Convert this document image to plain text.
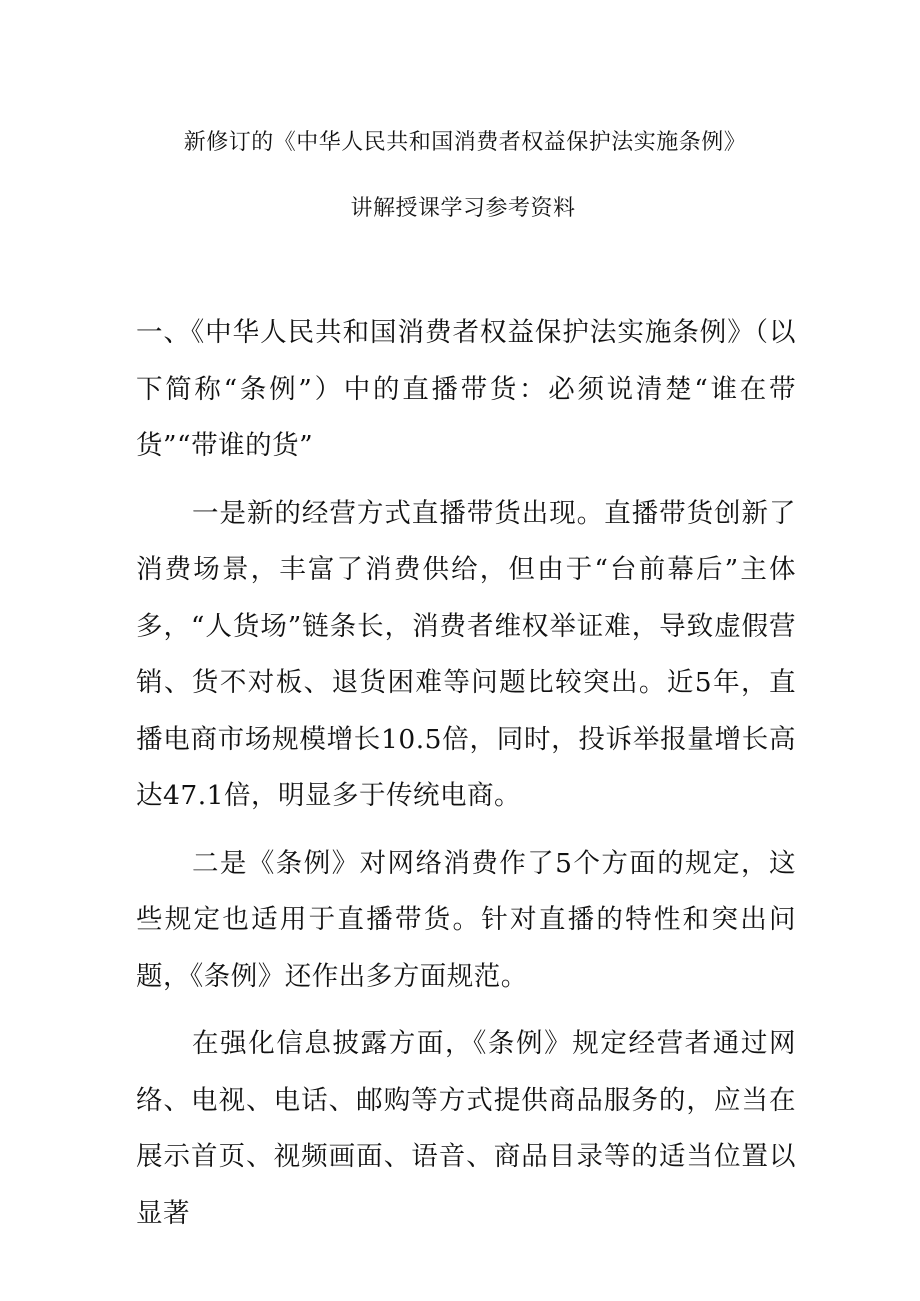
新修订的《中华人民共和国消费者权益保护法实施条例》
讲解授课学习参考资料

一、《中华人民共和国消费者权益保护法实施条例》（以下简称“条例”）中的直播带货：必须说清楚“谁在带货”“带谁的货”

一是新的经营方式直播带货出现。直播带货创新了消费场景，丰富了消费供给，但由于“台前幕后”主体多，“人货场”链条长，消费者维权举证难，导致虚假营销、货不对板、退货困难等问题比较突出。近5年，直播电商市场规模增长10.5倍，同时，投诉举报量增长高达47.1倍，明显多于传统电商。

二是《条例》对网络消费作了5个方面的规定，这些规定也适用于直播带货。针对直播的特性和突出问题，《条例》还作出多方面规范。

在强化信息披露方面，《条例》规定经营者通过网络、电视、电话、邮购等方式提供商品服务的，应当在展示首页、视频画面、语音、商品目录等的适当位置以显著
